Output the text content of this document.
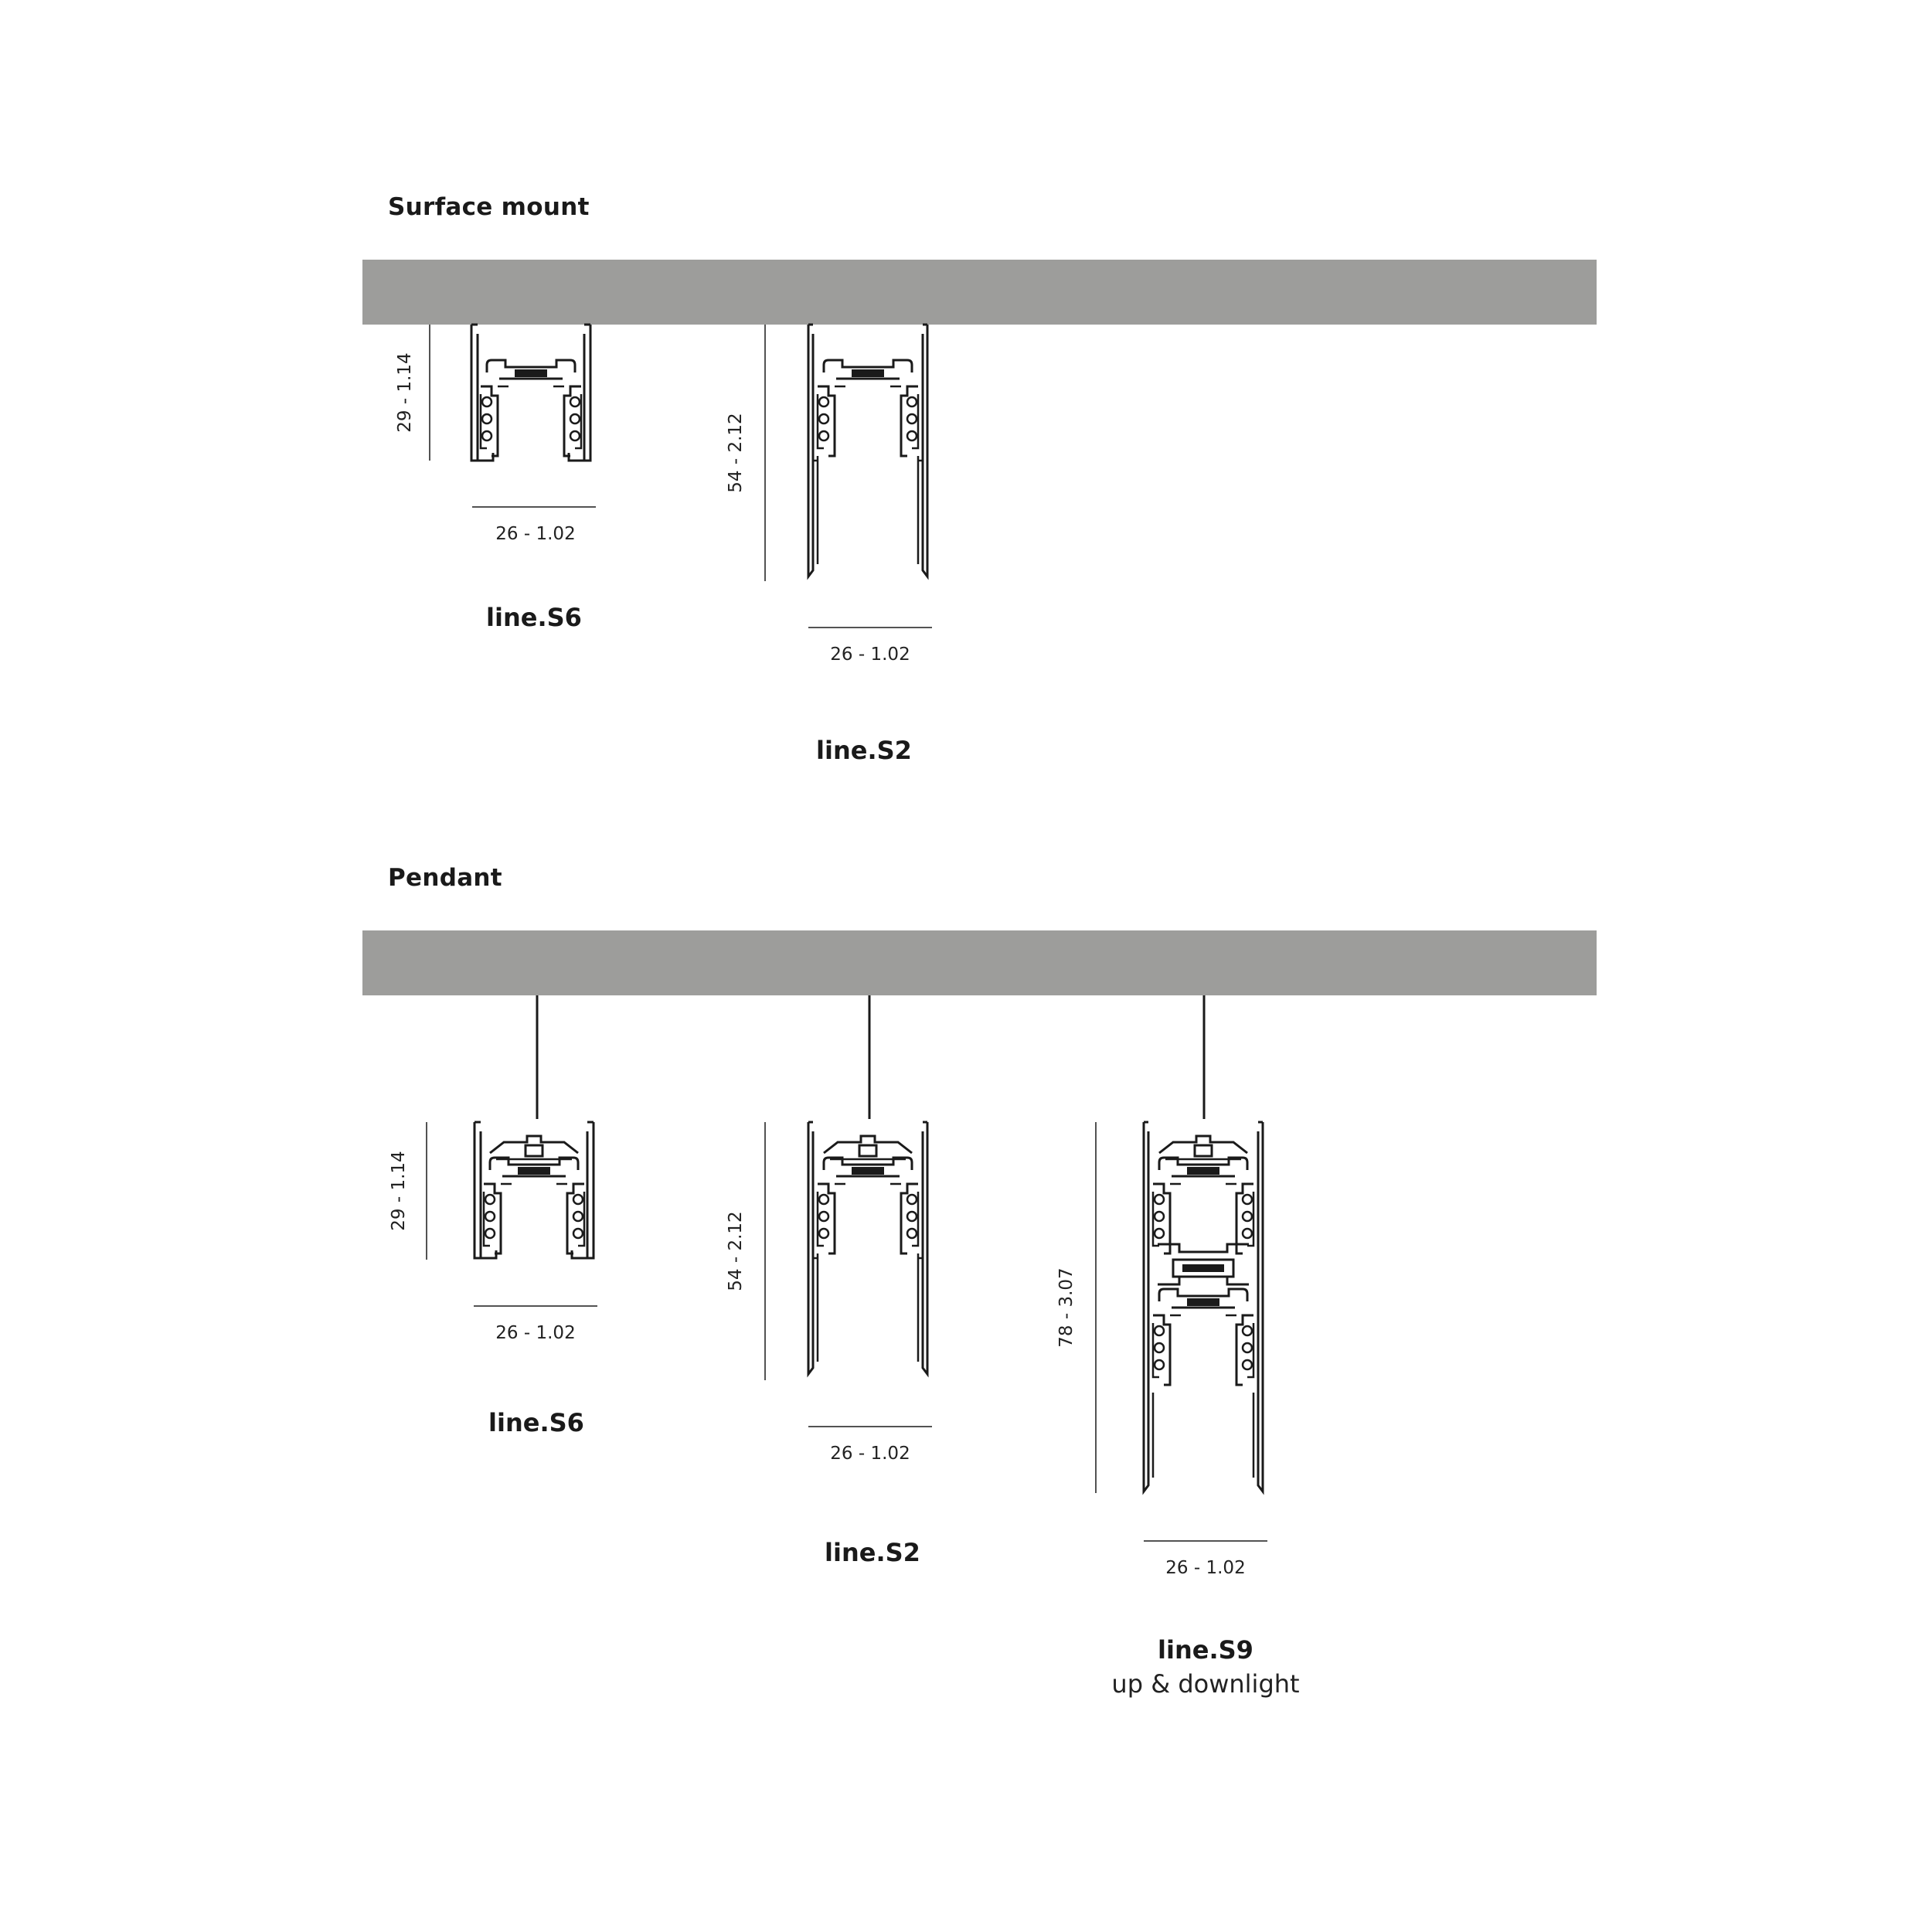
Surface mount
Pendant
29 - 1.14
26 - 1.02
line.S6
54 - 2.12
26 - 1.02
line.S2
29 - 1.14
26 - 1.02
line.S6
54 - 2.12
26 - 1.02
line.S2
78 - 3.07
26 - 1.02
line.S9
up & downlight
